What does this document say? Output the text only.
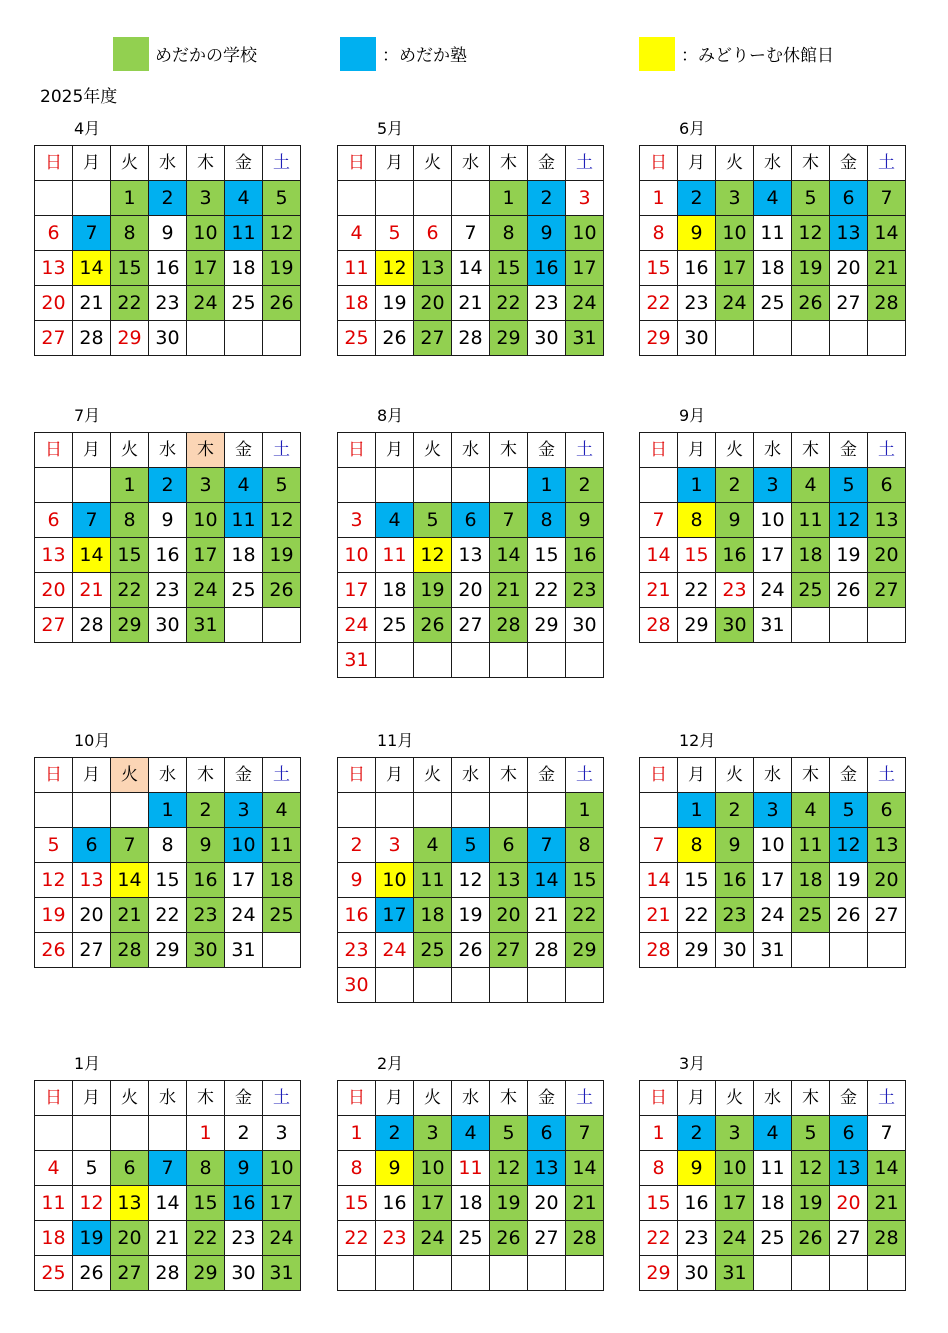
めだかの学校	：めだか塾	：みどりーむ休館日
2025年度
4月
日	月	火	水	木	金	土
		1	2	3	4	5
6	7	8	9	10	11	12
13	14	15	16	17	18	19
20	21	22	23	24	25	26
27	28	29	30			
5月
日	月	火	水	木	金	土
				1	2	3
4	5	6	7	8	9	10
11	12	13	14	15	16	17
18	19	20	21	22	23	24
25	26	27	28	29	30	31
6月
日	月	火	水	木	金	土
1	2	3	4	5	6	7
8	9	10	11	12	13	14
15	16	17	18	19	20	21
22	23	24	25	26	27	28
29	30					
7月
日	月	火	水	木	金	土
		1	2	3	4	5
6	7	8	9	10	11	12
13	14	15	16	17	18	19
20	21	22	23	24	25	26
27	28	29	30	31		
8月
日	月	火	水	木	金	土
					1	2
3	4	5	6	7	8	9
10	11	12	13	14	15	16
17	18	19	20	21	22	23
24	25	26	27	28	29	30
31						
9月
日	月	火	水	木	金	土
	1	2	3	4	5	6
7	8	9	10	11	12	13
14	15	16	17	18	19	20
21	22	23	24	25	26	27
28	29	30	31			
10月
日	月	火	水	木	金	土
			1	2	3	4
5	6	7	8	9	10	11
12	13	14	15	16	17	18
19	20	21	22	23	24	25
26	27	28	29	30	31	
11月
日	月	火	水	木	金	土
						1
2	3	4	5	6	7	8
9	10	11	12	13	14	15
16	17	18	19	20	21	22
23	24	25	26	27	28	29
30						
12月
日	月	火	水	木	金	土
	1	2	3	4	5	6
7	8	9	10	11	12	13
14	15	16	17	18	19	20
21	22	23	24	25	26	27
28	29	30	31			
1月
日	月	火	水	木	金	土
				1	2	3
4	5	6	7	8	9	10
11	12	13	14	15	16	17
18	19	20	21	22	23	24
25	26	27	28	29	30	31
2月
日	月	火	水	木	金	土
1	2	3	4	5	6	7
8	9	10	11	12	13	14
15	16	17	18	19	20	21
22	23	24	25	26	27	28

3月
日	月	火	水	木	金	土
1	2	3	4	5	6	7
8	9	10	11	12	13	14
15	16	17	18	19	20	21
22	23	24	25	26	27	28
29	30	31				
